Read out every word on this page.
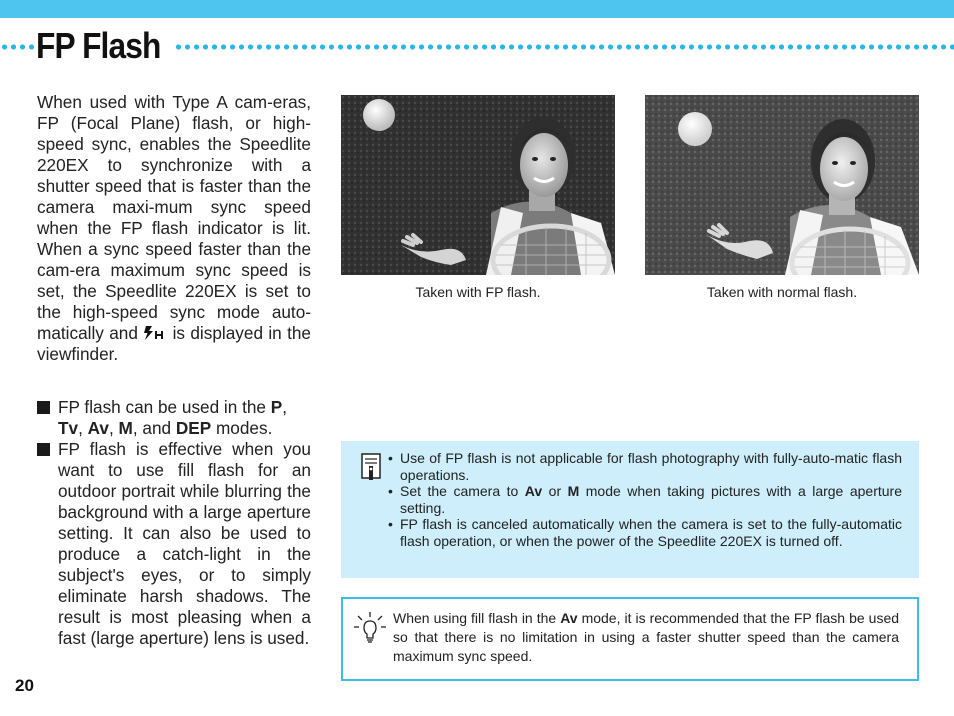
FP Flash

When used with Type A cam-eras, FP (Focal Plane) flash, or high-speed sync, enables the Speedlite 220EX to synchronize with a shutter speed that is faster than the camera maxi-mum sync speed when the FP flash indicator is lit. When a sync speed faster than the cam-era maximum sync speed is set, the Speedlite 220EX is set to the high-speed sync mode auto-matically and is displayed in the viewfinder.

FP flash can be used in the P,
Tv, Av, M, and DEP modes.
FP flash is effective when you want to use fill flash for an outdoor portrait while blurring the background with a large aperture setting. It can also be used to produce a catch-light in the subject's eyes, or to simply eliminate harsh shadows. The result is most pleasing when a fast (large aperture) lens is used.
Taken with FP flash.	Taken with normal flash.
• Use of FP flash is not applicable for flash photography with fully-auto-matic flash operations.
• Set the camera to Av or M mode when taking pictures with a large aperture setting.
• FP flash is canceled automatically when the camera is set to the fully-automatic flash operation, or when the power of the Speedlite 220EX is turned off.

When using fill flash in the Av mode, it is recommended that the FP flash be used so that there is no limitation in using a faster shutter speed than the camera maximum sync speed.

20
